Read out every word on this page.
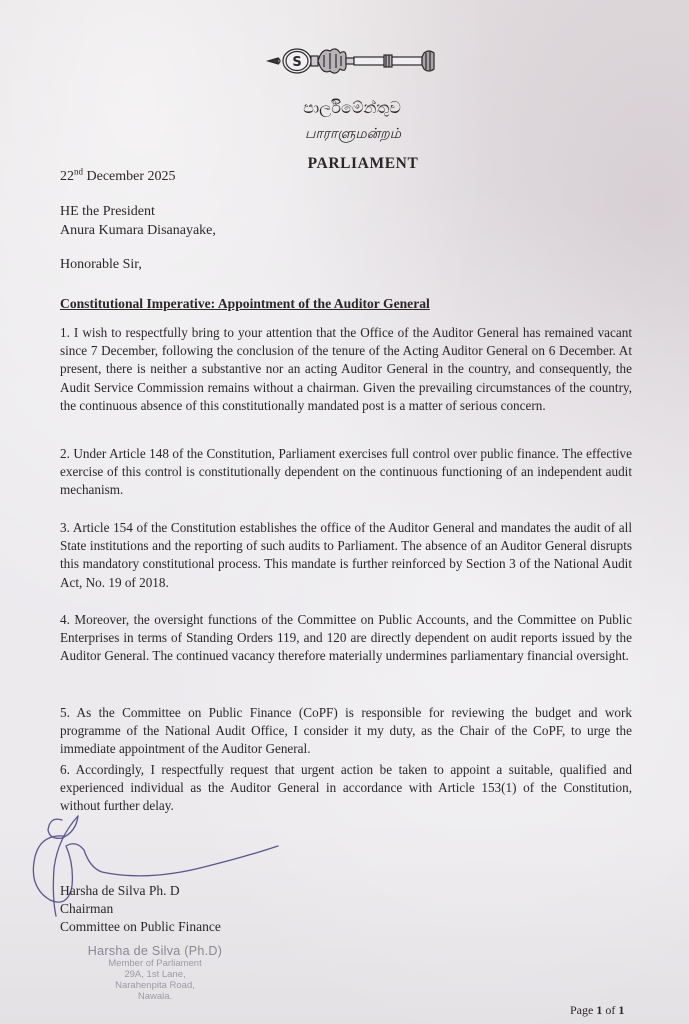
S
පාර්ලිමේන්තුව
பாராளுமன்றம்
PARLIAMENT
22nd December 2025
HE the President
Anura Kumara Disanayake,
Honorable Sir,
Constitutional Imperative: Appointment of the Auditor General
1. I wish to respectfully bring to your attention that the Office of the Auditor General has remained vacant since 7 December, following the conclusion of the tenure of the Acting Auditor General on 6 December. At present, there is neither a substantive nor an acting Auditor General in the country, and consequently, the Audit Service Commission remains without a chairman. Given the prevailing circumstances of the country, the continuous absence of this constitutionally mandated post is a matter of serious concern.
2. Under Article 148 of the Constitution, Parliament exercises full control over public finance. The effective exercise of this control is constitutionally dependent on the continuous functioning of an independent audit mechanism.
3. Article 154 of the Constitution establishes the office of the Auditor General and mandates the audit of all State institutions and the reporting of such audits to Parliament. The absence of an Auditor General disrupts this mandatory constitutional process. This mandate is further reinforced by Section 3 of the National Audit Act, No. 19 of 2018.
4. Moreover, the oversight functions of the Committee on Public Accounts, and the Committee on Public Enterprises in terms of Standing Orders 119, and 120 are directly dependent on audit reports issued by the Auditor General. The continued vacancy therefore materially undermines parliamentary financial oversight.
5. As the Committee on Public Finance (CoPF) is responsible for reviewing the budget and work programme of the National Audit Office, I consider it my duty, as the Chair of the CoPF, to urge the immediate appointment of the Auditor General.
6. Accordingly, I respectfully request that urgent action be taken to appoint a suitable, qualified and experienced individual as the Auditor General in accordance with Article 153(1) of the Constitution, without further delay.
Harsha de Silva Ph. D
Chairman
Committee on Public Finance
Harsha de Silva (Ph.D)
Member of Parliament
29A, 1st Lane,
Narahenpita Road,
Nawala.
Page 1 of 1
